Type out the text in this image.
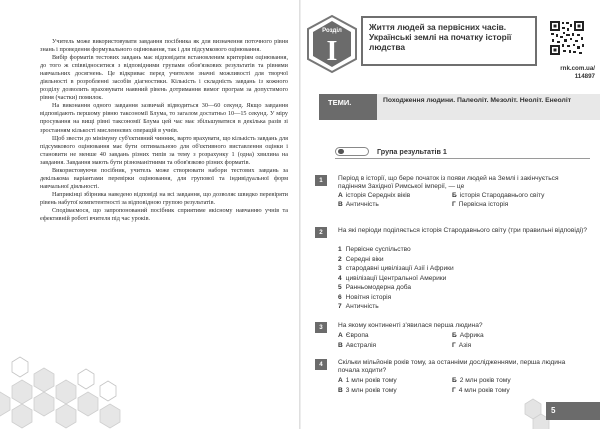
Учитель може використовувати завдання посібника як для визначення поточного рівня знань і проведення формувального оцінювання, так і для підсумкового оцінювання.

Вибір форматів тестових завдань має відповідати встановленим критеріям оцінювання, до того ж співвідноситися з відповідними групами обов'язкових результатів та рівнями навчальних досягнень. Це відкриває перед учителем значні можливості для творчої діяльності в розробленні засобів діагностики. Кількість і складність завдань із кожного розділу дозволить враховувати наявний рівень дотримання вимог програм за допустимого рівня (частки) помилок.

На виконання одного завдання зазвичай відводиться 30—60 секунд. Якщо завдання відповідають першому рівню таксономії Блума, то загалом достатньо 10—15 секунд. У міру просування на вищі рівні таксономії Блума цей час має збільшуватися в декілька разів зі зростанням кількості мисленнєвих операцій в учнів.

Щоб звести до мінімуму суб'єктивний чинник, варто врахувати, що кількість завдань для підсумкового оцінювання має бути оптимальною для об'єктивного виставлення оцінки і становити не менше 40 завдань різних типів за тему з розрахунку 1 (одна) хвилина на завдання. Завдання мають бути різноманітними та обов'язково різних форматів.

Використовуючи посібник, учитель може створювати набори тестових завдань за декількома варіантами перевірки оцінювання, для групової та індивідуальної форм навчальної діяльності.

Наприкінці збірника наведено відповіді на всі завдання, що дозволяє швидко перевіряти рівень набутої компетентності за відповідною групою результатів.

Сподіваємося, що запропонований посібник сприятиме якісному навчанню учнів та ефективній роботі вчителя під час уроків.

Розділ
I
Життя людей за первісних часів. Українські землі на початку історії людства
rnk.com.ua/
114897
ТЕМИ.	Походження людини. Палеоліт. Мезоліт. Неоліт. Енеоліт
Група результатів 1
1	Період в історії, що бере початок із появи людей на Землі і закінчується падінням Західної Римської імперії, — це
А історія Середніх віків	Б історія Стародавнього світу
В Античність	Г Первісна історія
2	На які періоди поділяється історія Стародавнього світу (три правильні відповіді)?
1 Первісне суспільство
2 Середні віки
3 стародавні цивілізації Азії і Африки
4 цивілізації Центральної Америки
5 Ранньомодерна доба
6 Новітня історія
7 Античність
3	На якому континенті з'явилася перша людина?
А Європа	Б Африка
В Австралія	Г Азія
4	Скільки мільйонів років тому, за останніми дослідженнями, перша людина почала ходити?
А 1 млн років тому	Б 2 млн років тому
В 3 млн років тому	Г 4 млн років тому
5
